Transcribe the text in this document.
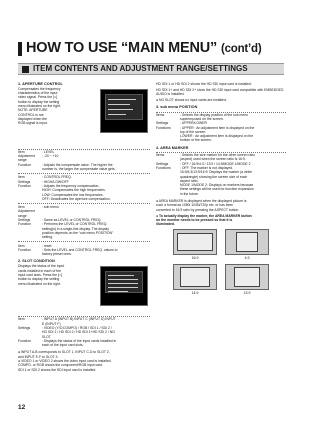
HOW TO USE “MAIN MENU” (cont’d)
ITEM CONTENTS AND ADJUSTMENT RANGE/SETTINGS
1. APERTURE CONTROL
Compensates the frequency
characteristics of the input
video signal. Press the [□]
button to display the setting
menu illustrated on the right.
NOTE: APERTURE
CONTROL is not
displayed when the
RGB signal is input.
Item	: LEVEL
Adjustment range
: -20 ~ +10
Function	: Adjusts the compensate value. The higher the
number is, the larger the compensate value gets.
Item	: CONTROL FREQ.
Settings	: HIGH/LOW/OFF
Function	: Adjusts the frequency compensation.
HIGH: Compensates the high frequencies.
LOW: Compensates the low frequencies.
OFF: Deactivates the aperture compensation.
Item	: sub menu
Adjustment range
Settings	: Same as LEVEL or CONTROL FREQ.
Function	: Performs the LEVEL or CONTROL FREQ.
setting(s) in a single-line display. The display
position depends on the “sub menu POSITION”
setting.
Item	: reset
Function	: Sets the LEVEL and CONTROL FREQ. values to
factory preset ones.
2. SLOT CONDITION
Displays the status of the input
cards installed in each of the
input card slots. Press the [□]
button to display the setting
menu illustrated on the right.
Item	: INPUT A (INPUT B) INPUT C (INPUT D) INPUT
E (INPUT F)
Settings	: VIDEO (Y/C/COMPO) / RGB / SDI 1 / SDI 2 /
HD SDI 1 / HD SDI 2 / HD SDI 1+HD SDI 2 / NO
SLOT
Function	: Displays the status of the input cards installed in
each of the input card slots.
● INPUT A-B corresponds to SLOT 1, INPUT C-D to SLOT 2,
and INPUT E-F to SLOT 3.
● VIDEO 1 or VIDEO 2 shows the video input card is installed.
COMPO. or RGB shows the component/RGB input card.
SDI 1 or SDI 2 shows the SDI input card is installed.

HD SDI 1 or HD SDI 2 shows the HD SDI input card is installed.

HD SDI 1+ and HD SDI 2+ show the HD SDI input card compatible with EMBEDDED AUDIO is installed.

● NO SLOT shows no input cards are installed.

3. sub menu POSITION
Items	: Selects the display position of the sub menu
superimposed on the screen.
Settings	: UPPER/LOWER
Functions	: UPPER : An adjustment item is displayed on the
top of the screen.
LOWER : An adjustment item is displayed on the
bottom of the screen.
4. AREA MARKER
Items	: Selects the size marker for the other screen ratio
(aspect) used when the screen ratio is 16:9.
Settings	: OFF / 16:9/4:3 / 13:9 / 14:9/MODE 1/MODE 2
Functions	: OFF: The marker is not displayed.
16:9/4:3/13:9/14:9: Displays the marker (a white
quadrangle) showing the screen size of each
aspect ratio.
MODE 1/MODE 2: Displays on markers because
these settings will be used for function expansion
in the future.

● AREA MARKER is displayed when the displayed picture is
such a format as 1080i 1035i/720p etc. or has been
converted to 16:9 ratio by pressing the ASPECT button.

● To actually display the marker, the AREA MARKER button
on the monitor needs to be pressed so that it is
illuminated.

16:9	4:3
14:9	13:9
12
